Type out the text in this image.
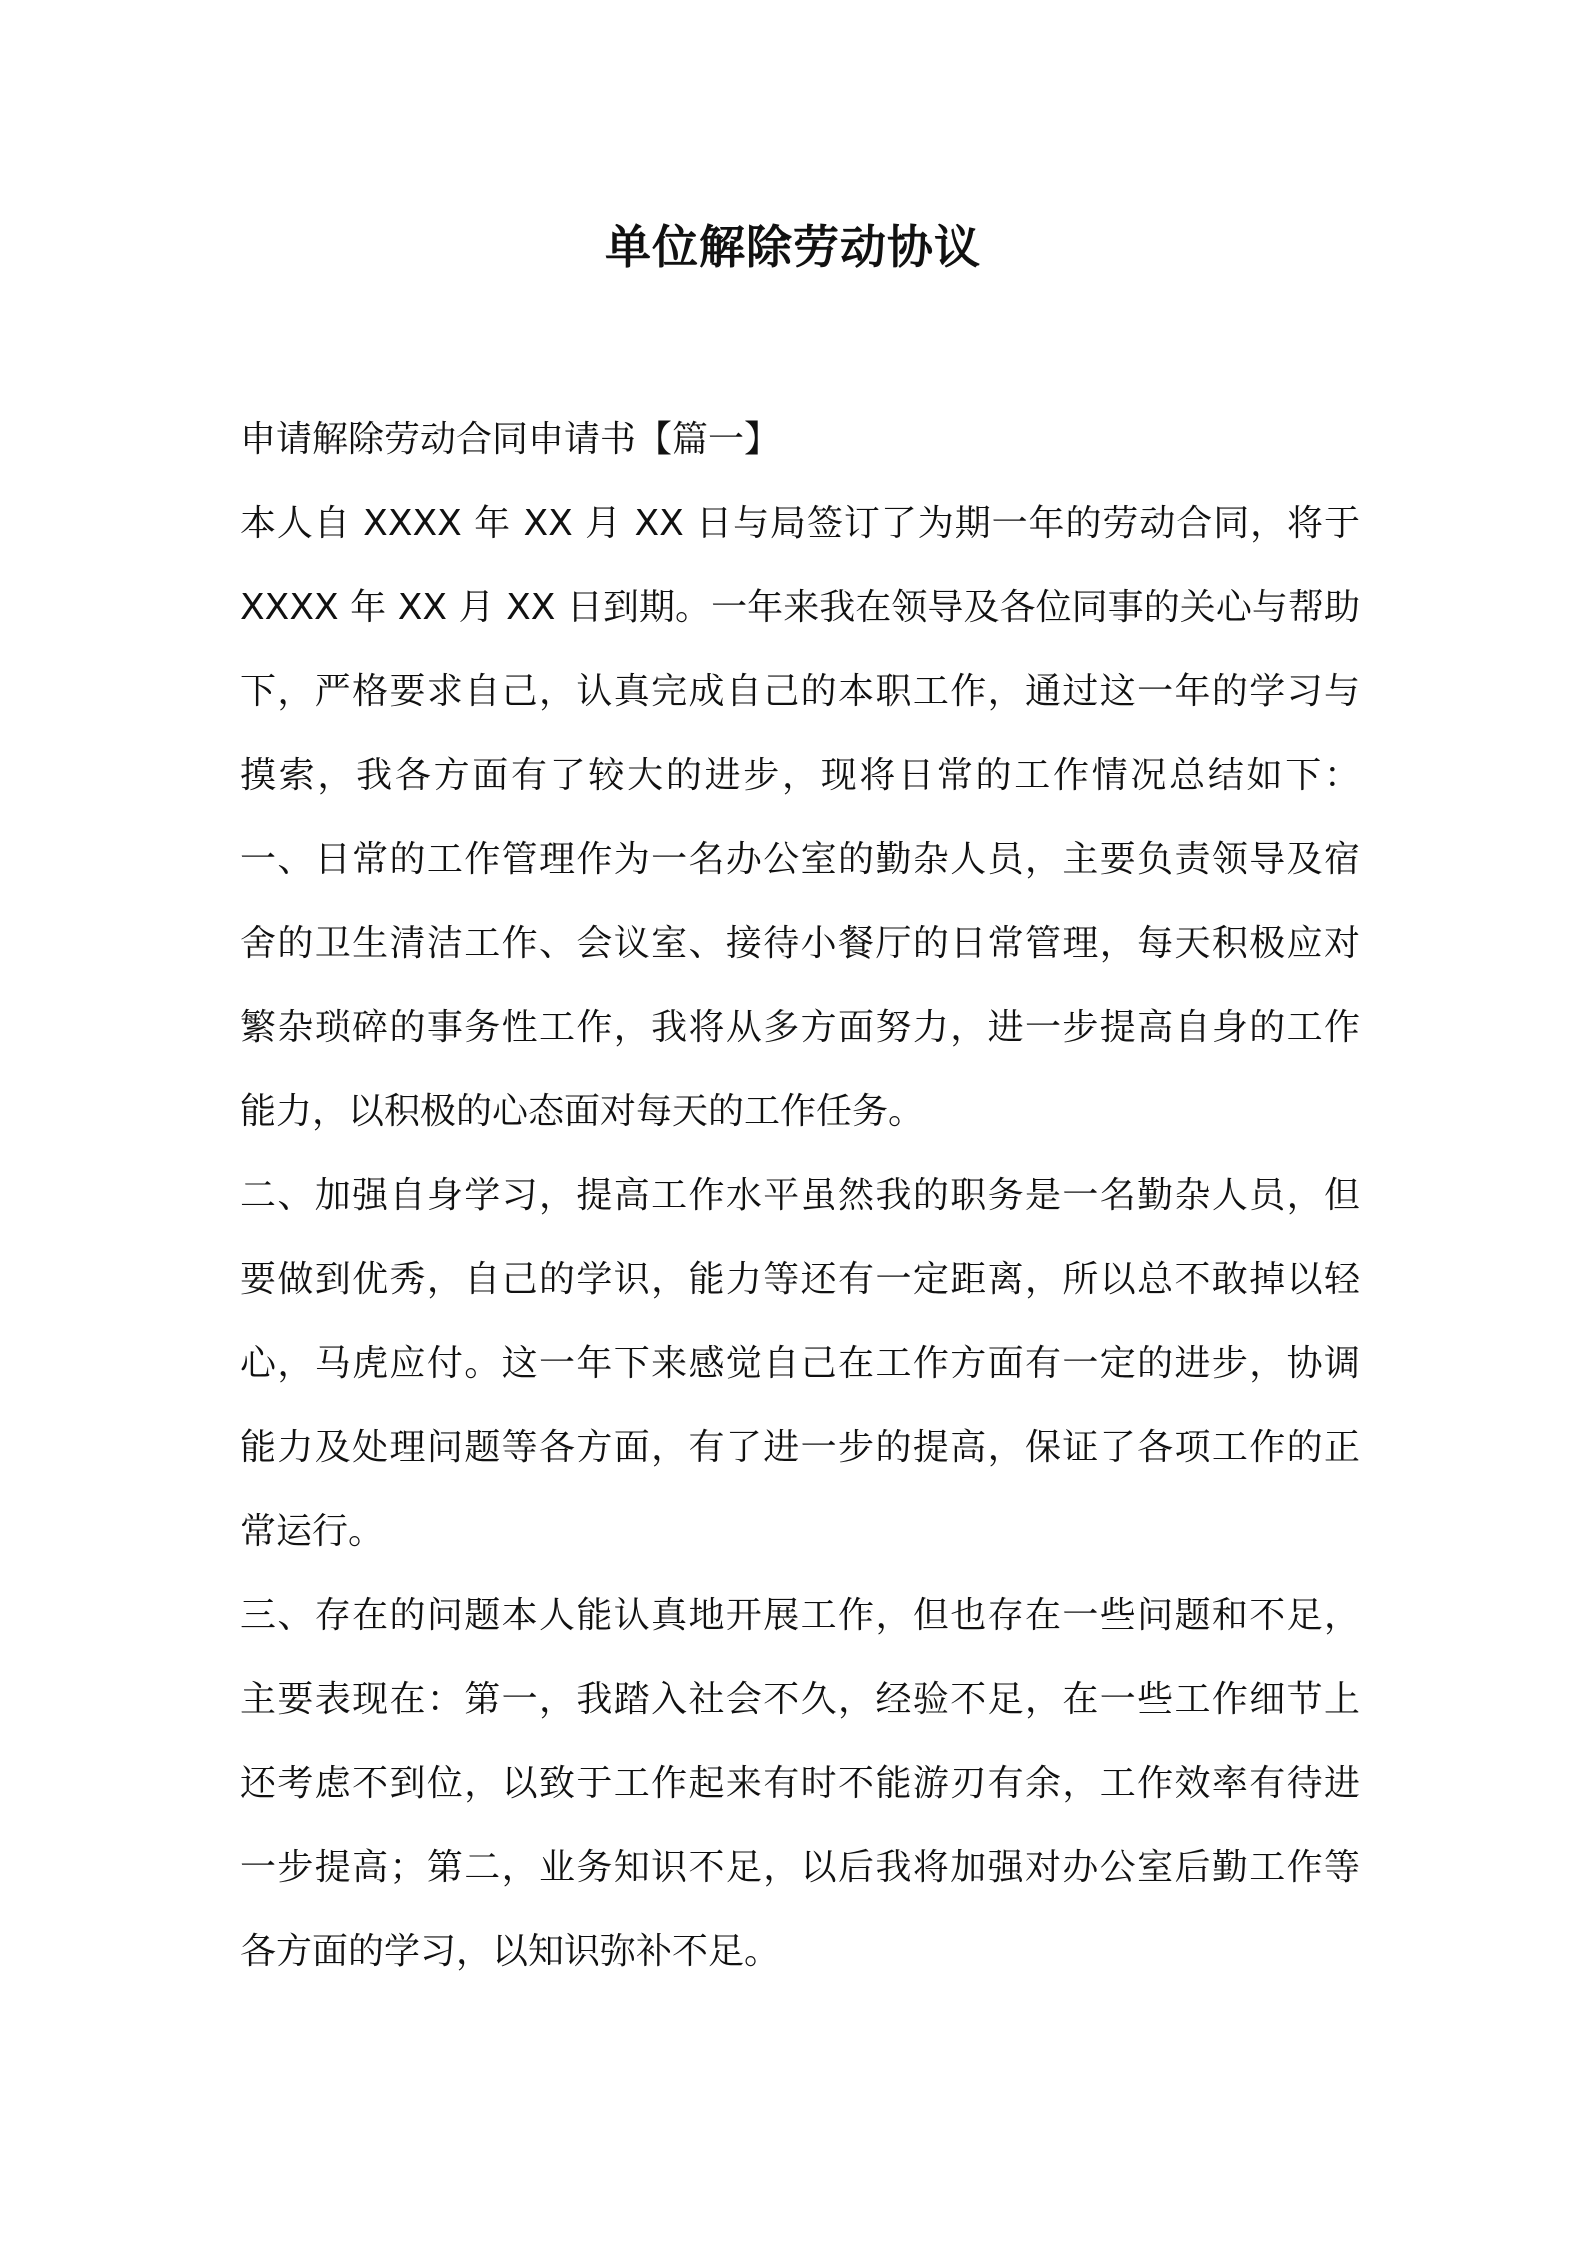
单位解除劳动协议
申请解除劳动合同申请书【篇一】
本人自 XXXX 年 XX 月 XX 日与局签订了为期一年的劳动合同，将于
XXXX 年 XX 月 XX 日到期。一年来我在领导及各位同事的关心与帮助
下，严格要求自己，认真完成自己的本职工作，通过这一年的学习与
摸索，我各方面有了较大的进步，现将日常的工作情况总结如下：
一、日常的工作管理作为一名办公室的勤杂人员，主要负责领导及宿
舍的卫生清洁工作、会议室、接待小餐厅的日常管理，每天积极应对
繁杂琐碎的事务性工作，我将从多方面努力，进一步提高自身的工作
能力，以积极的心态面对每天的工作任务。
二、加强自身学习，提高工作水平虽然我的职务是一名勤杂人员，但
要做到优秀，自己的学识，能力等还有一定距离，所以总不敢掉以轻
心，马虎应付。这一年下来感觉自己在工作方面有一定的进步，协调
能力及处理问题等各方面，有了进一步的提高，保证了各项工作的正
常运行。
三、存在的问题本人能认真地开展工作，但也存在一些问题和不足，
主要表现在：第一，我踏入社会不久，经验不足，在一些工作细节上
还考虑不到位，以致于工作起来有时不能游刃有余，工作效率有待进
一步提高；第二，业务知识不足，以后我将加强对办公室后勤工作等
各方面的学习，以知识弥补不足。
